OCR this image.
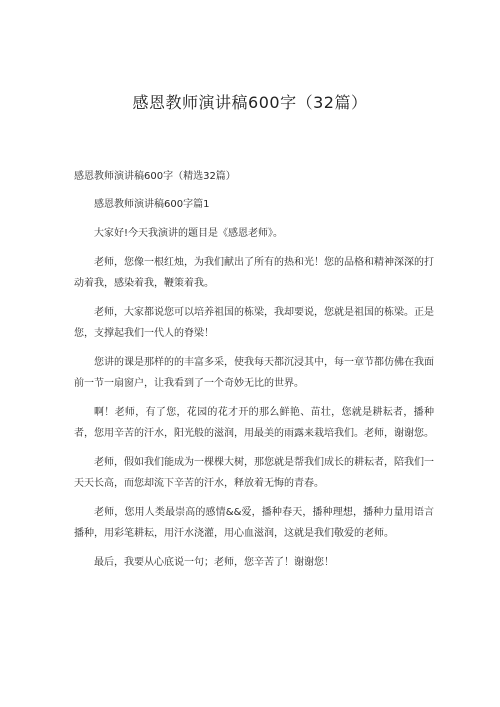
感恩教师演讲稿600字（32篇）

感恩教师演讲稿600字（精选32篇）

感恩教师演讲稿600字篇1

大家好!今天我演讲的题目是《感恩老师》。

老师，您像一根红烛，为我们献出了所有的热和光！您的品格和精神深深的打动着我，感染着我，鞭策着我。

老师，大家都说您可以培养祖国的栋梁，我却要说，您就是祖国的栋梁。正是您，支撑起我们一代人的脊梁！

您讲的课是那样的的丰富多采，使我每天都沉浸其中，每一章节都仿佛在我面前一节一扇窗户，让我看到了一个奇妙无比的世界。

啊！老师，有了您，花园的花才开的那么鲜艳、苗壮，您就是耕耘者，播种者，您用辛苦的汗水，阳光般的滋润，用最美的雨露来栽培我们。老师，谢谢您。

老师，假如我们能成为一棵棵大树，那您就是帮我们成长的耕耘者，陪我们一天天长高，而您却流下辛苦的汗水，释放着无悔的青春。

老师，您用人类最崇高的感情&&爱，播种春天，播种理想，播种力量用语言播种，用彩笔耕耘，用汗水浇灌，用心血滋润，这就是我们敬爱的老师。

最后，我要从心底说一句；老师，您辛苦了！谢谢您！
